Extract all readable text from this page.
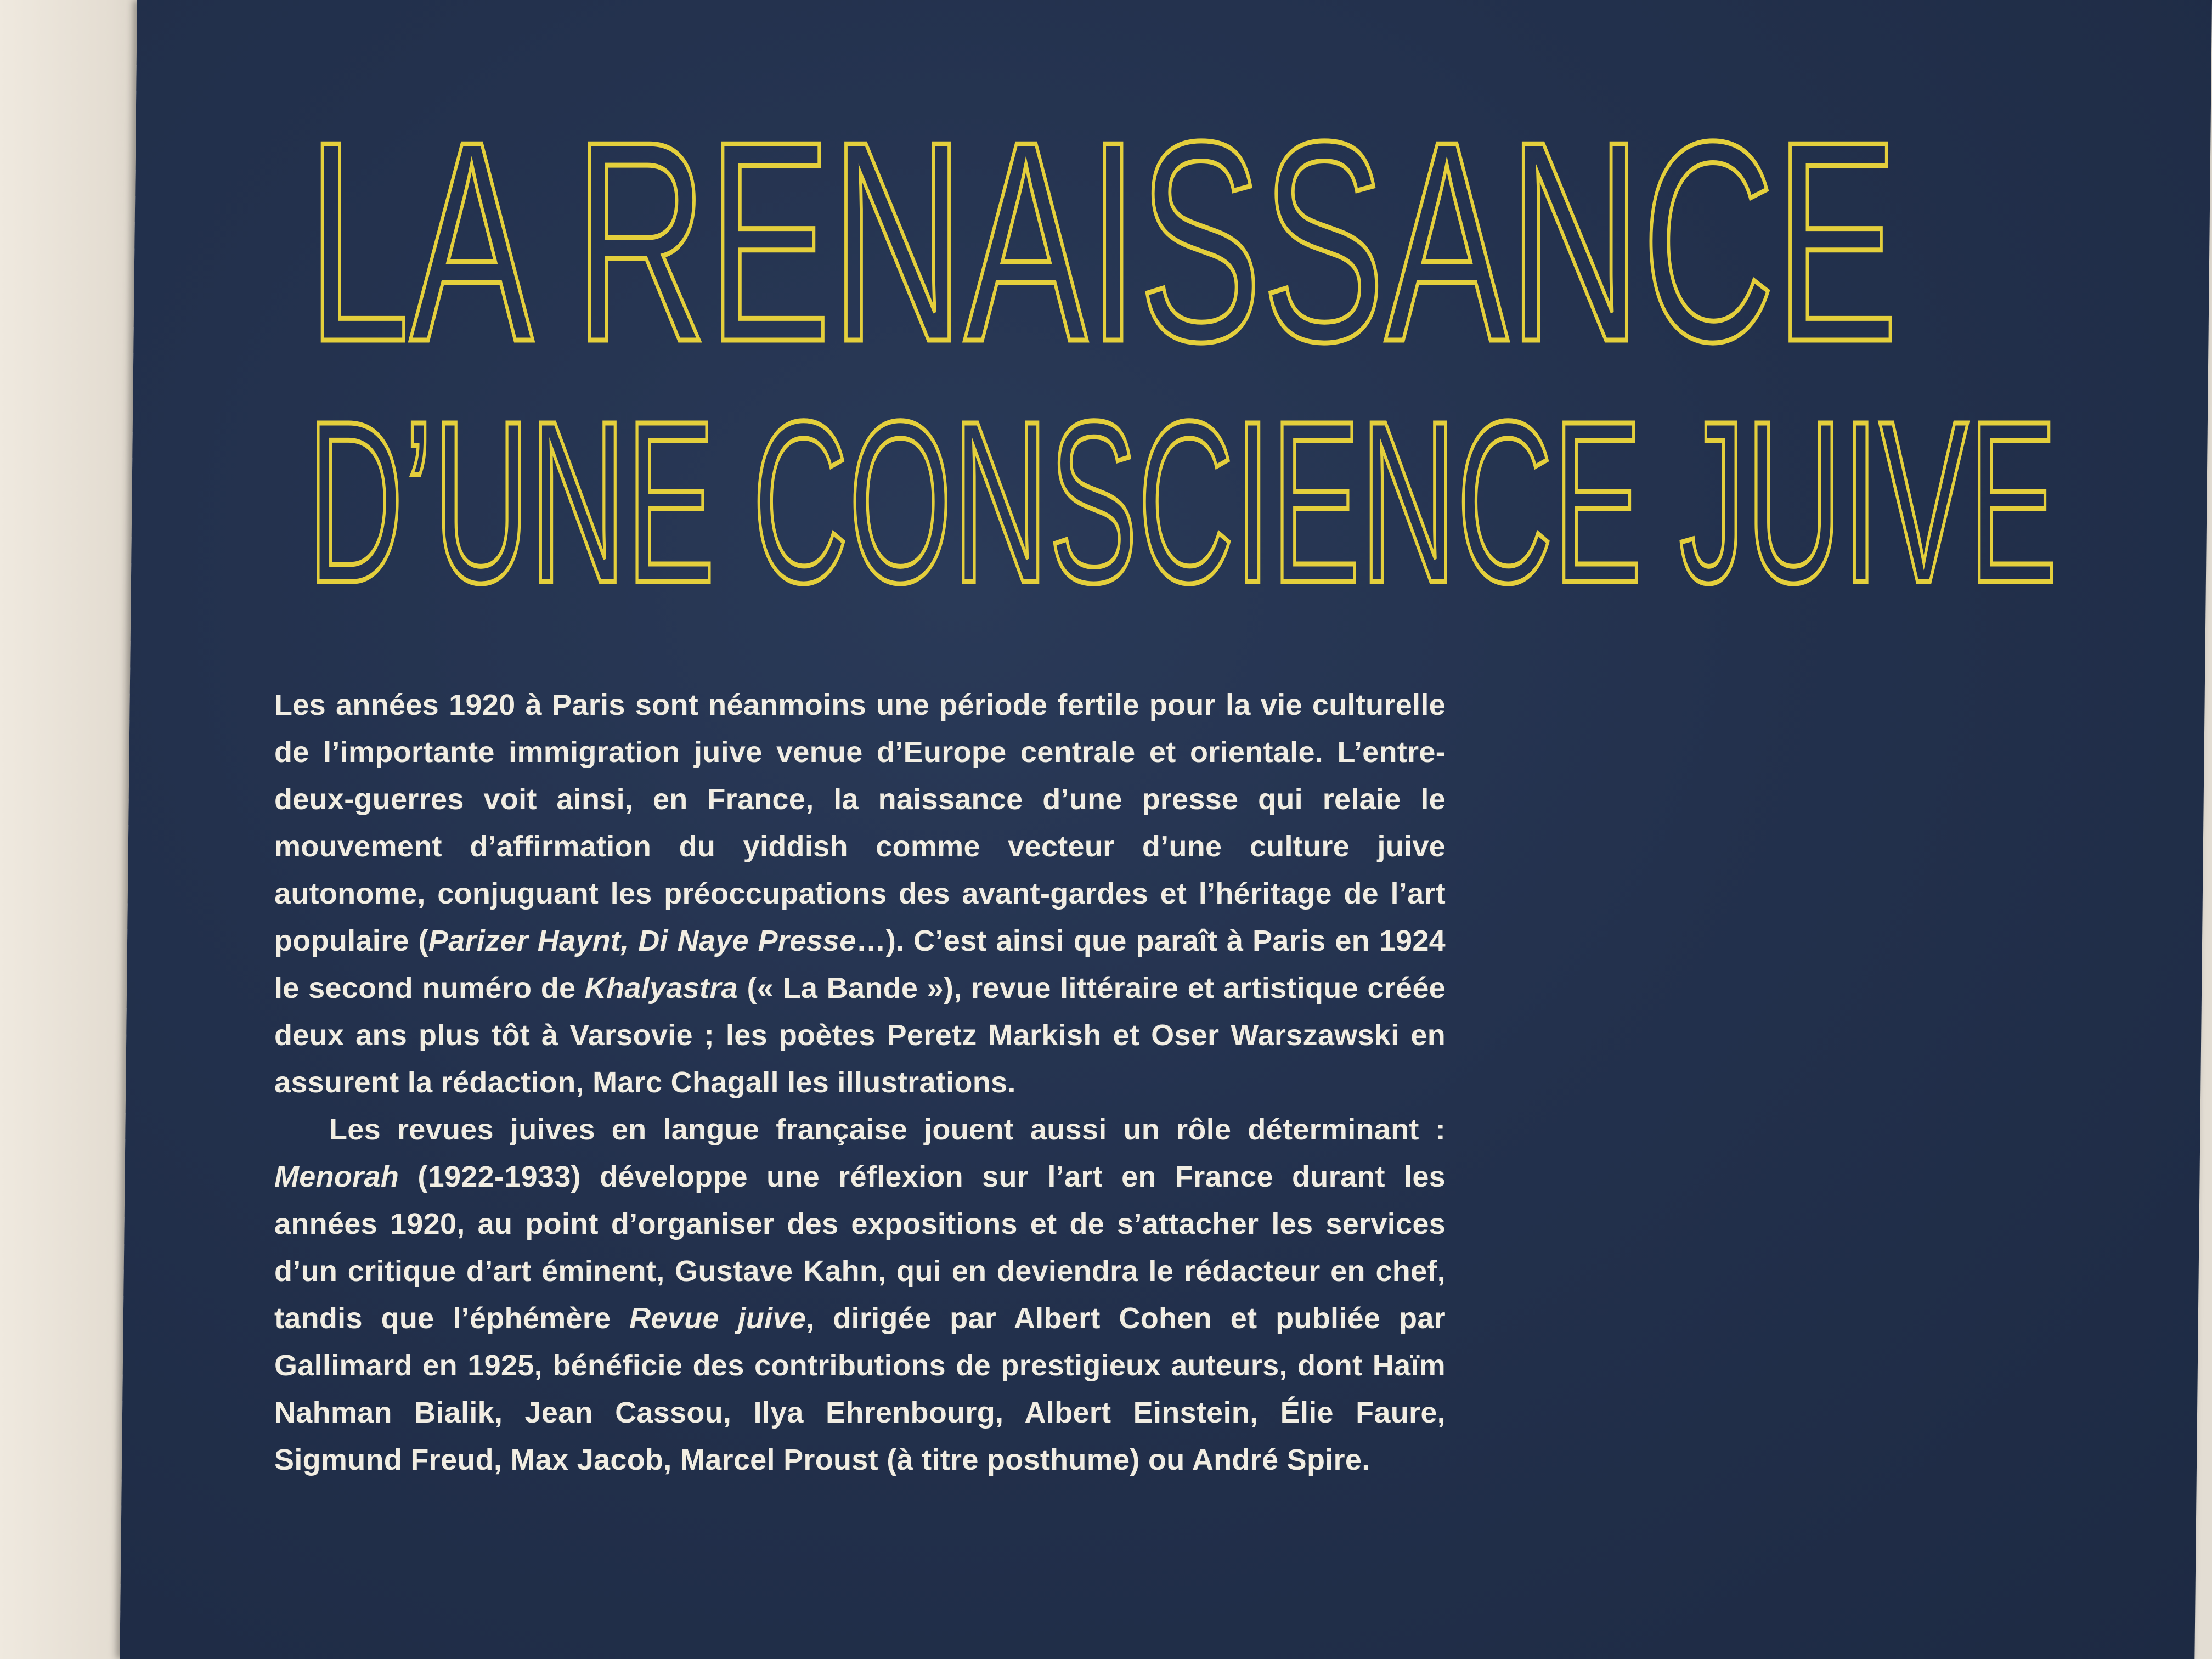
LA RENAISSANCE
D’UNE CONSCIENCE JUIVE

Les années 1920 à Paris sont néanmoins une période fertile pour la vie culturelle de l’importante immigration juive venue d’Europe centrale et orientale. L’entre-deux-guerres voit ainsi, en France, la naissance d’une presse qui relaie le mouvement d’affirmation du yiddish comme vecteur d’une culture juive autonome, conjuguant les préoccupations des avant-gardes et l’héritage de l’art populaire (Parizer Haynt, Di Naye Presse…). C’est ainsi que paraît à Paris en 1924 le second numéro de Khalyastra (« La Bande »), revue littéraire et artistique créée deux ans plus tôt à Varsovie ; les poètes Peretz Markish et Oser Warszawski en assurent la rédaction, Marc Chagall les illustrations.

Les revues juives en langue française jouent aussi un rôle déterminant : Menorah (1922-1933) développe une réflexion sur l’art en France durant les années 1920, au point d’organiser des expositions et de s’attacher les services d’un critique d’art éminent, Gustave Kahn, qui en deviendra le rédacteur en chef, tandis que l’éphémère Revue juive, dirigée par Albert Cohen et publiée par Gallimard en 1925, bénéficie des contributions de prestigieux auteurs, dont Haïm Nahman Bialik, Jean Cassou, Ilya Ehrenbourg, Albert Einstein, Élie Faure, Sigmund Freud, Max Jacob, Marcel Proust (à titre posthume) ou André Spire.
